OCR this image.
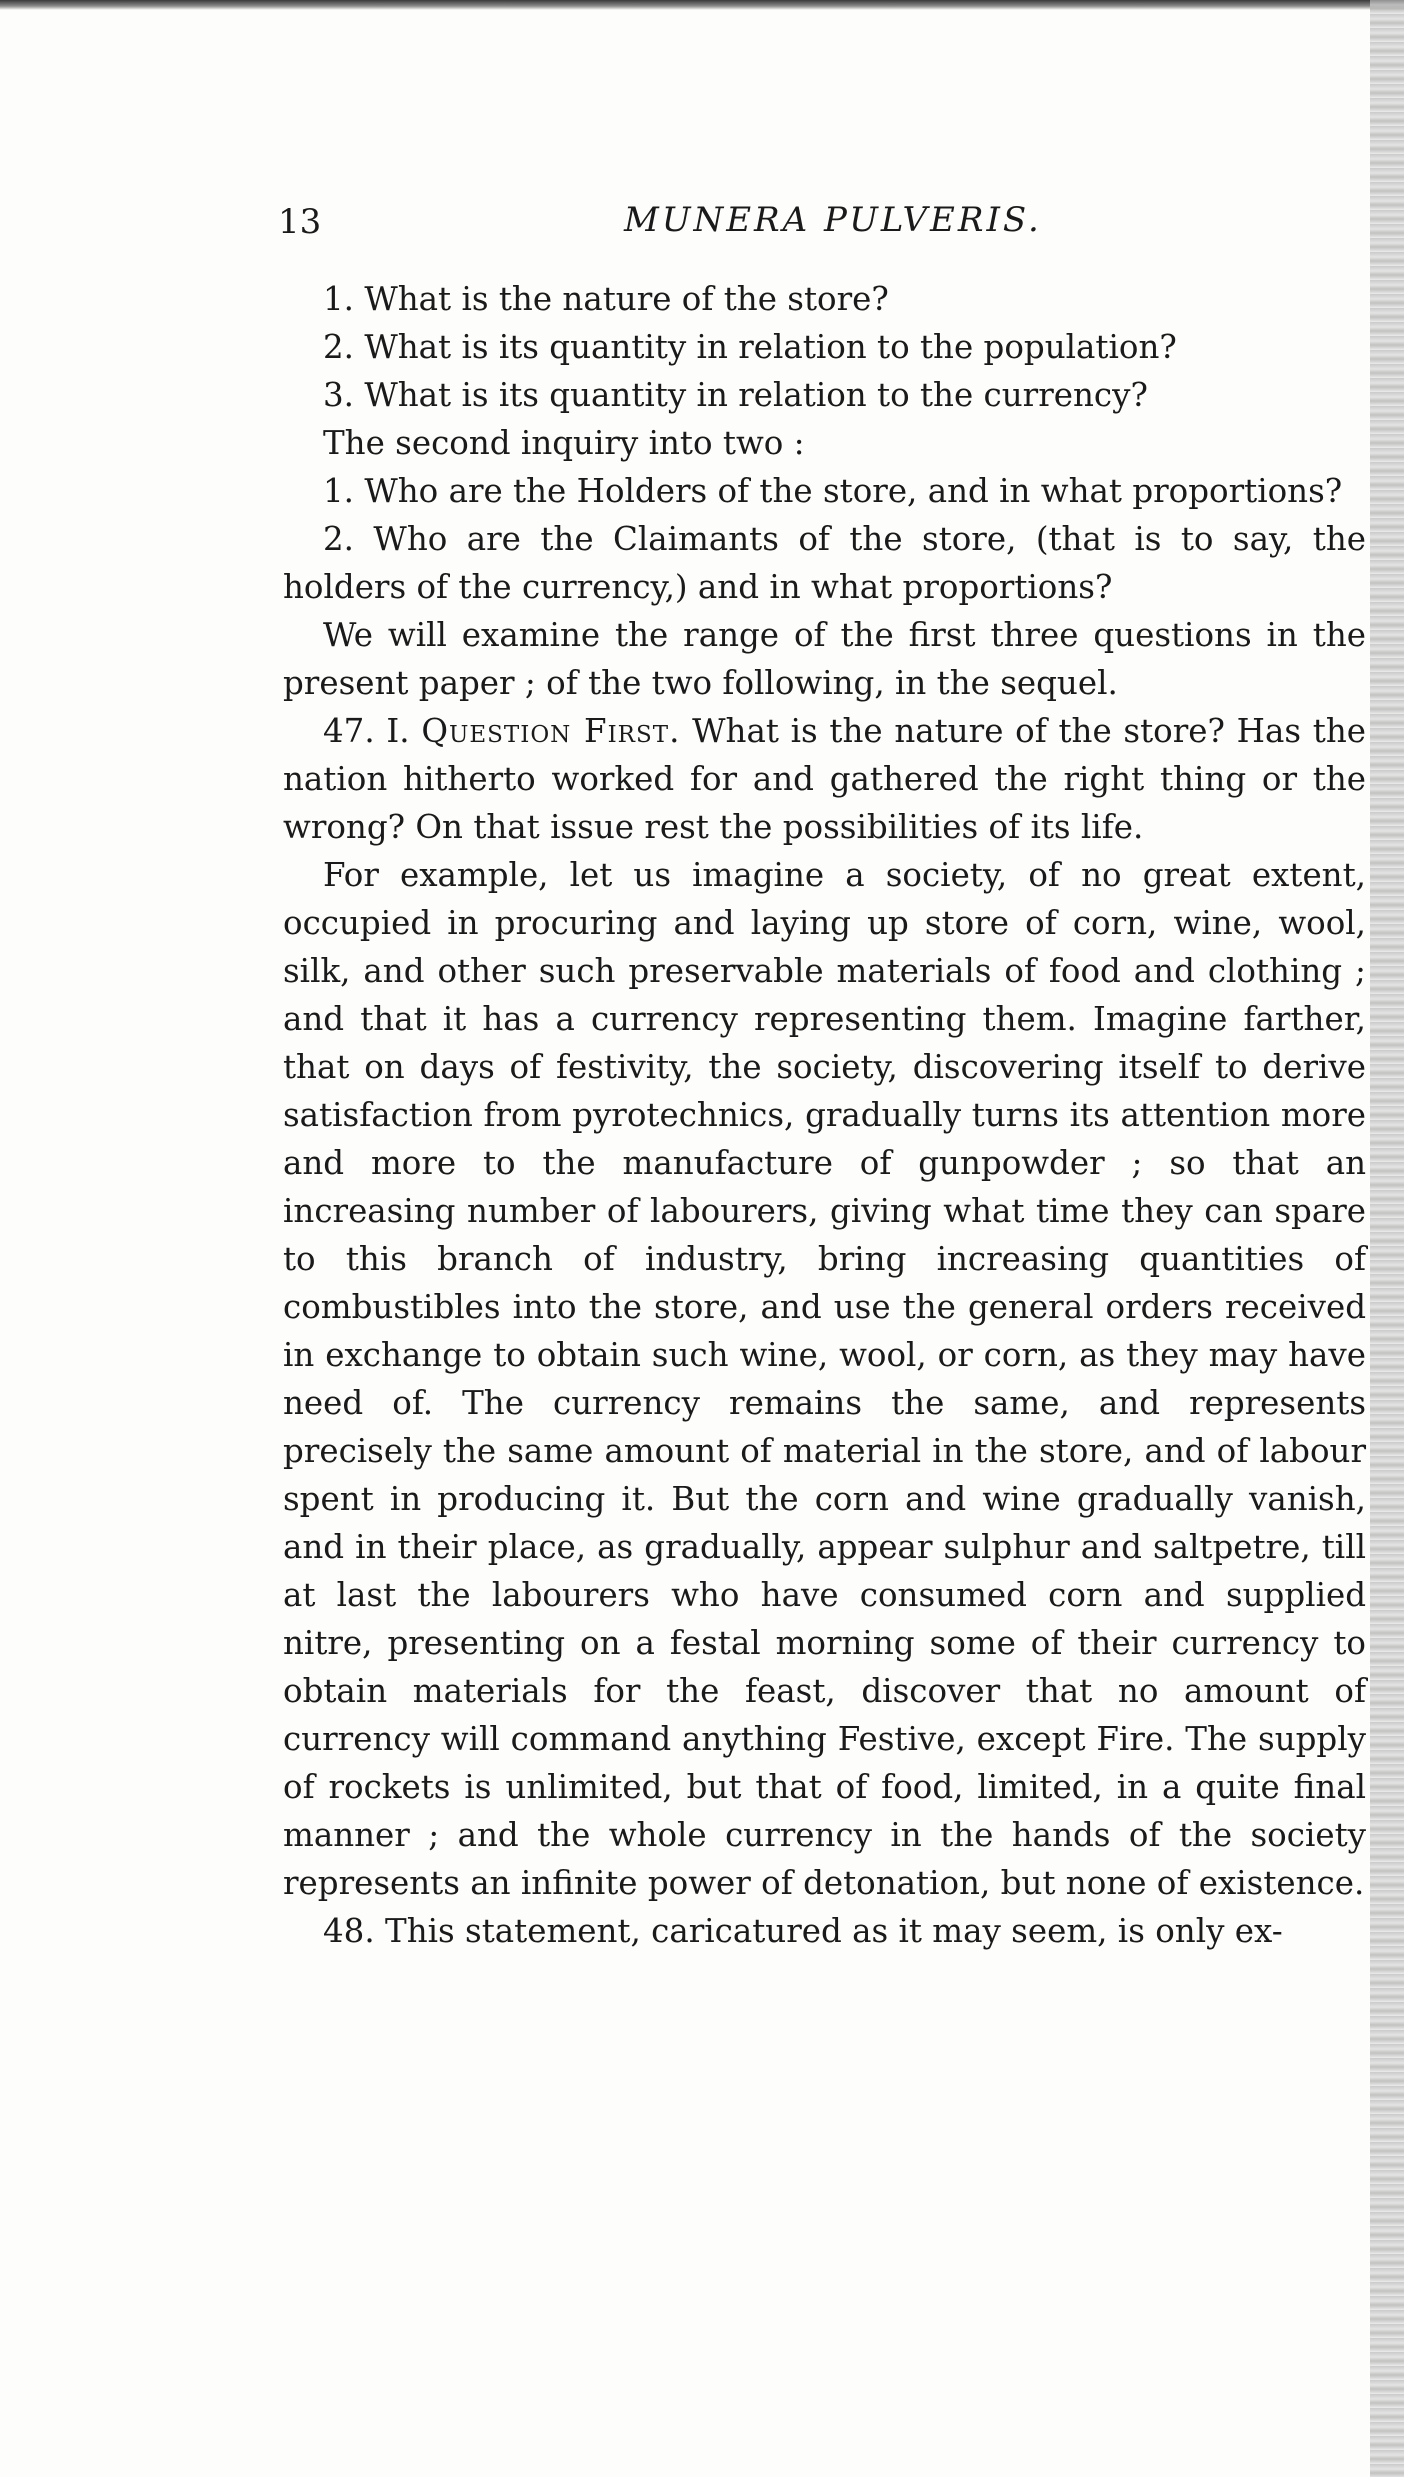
13	MUNERA PULVERIS.

1. What is the nature of the store?

2. What is its quantity in relation to the population?

3. What is its quantity in relation to the currency?

The second inquiry into two :

1. Who are the Holders of the store, and in what proportions?

2. Who are the Claimants of the store, (that is to say, the holders of the currency,) and in what proportions?

We will examine the range of the first three questions in the present paper ; of the two following, in the sequel.

47. I. Question First. What is the nature of the store? Has the nation hitherto worked for and gathered the right thing or the wrong? On that issue rest the possibilities of its life.

For example, let us imagine a society, of no great extent, occupied in procuring and laying up store of corn, wine, wool, silk, and other such preservable materials of food and clothing ; and that it has a currency representing them. Imagine farther, that on days of festivity, the society, discovering itself to derive satisfaction from pyrotechnics, gradually turns its attention more and more to the manufacture of gunpowder ; so that an increasing number of labourers, giving what time they can spare to this branch of industry, bring increasing quantities of combustibles into the store, and use the general orders received in exchange to obtain such wine, wool, or corn, as they may have need of. The currency remains the same, and represents precisely the same amount of material in the store, and of labour spent in producing it. But the corn and wine gradually vanish, and in their place, as gradually, appear sulphur and saltpetre, till at last the labourers who have consumed corn and supplied nitre, presenting on a festal morning some of their currency to obtain materials for the feast, discover that no amount of currency will command anything Festive, except Fire. The supply of rockets is unlimited, but that of food, limited, in a quite final manner ; and the whole currency in the hands of the society represents an infinite power of detonation, but none of existence.

48. This statement, caricatured as it may seem, is only ex-
